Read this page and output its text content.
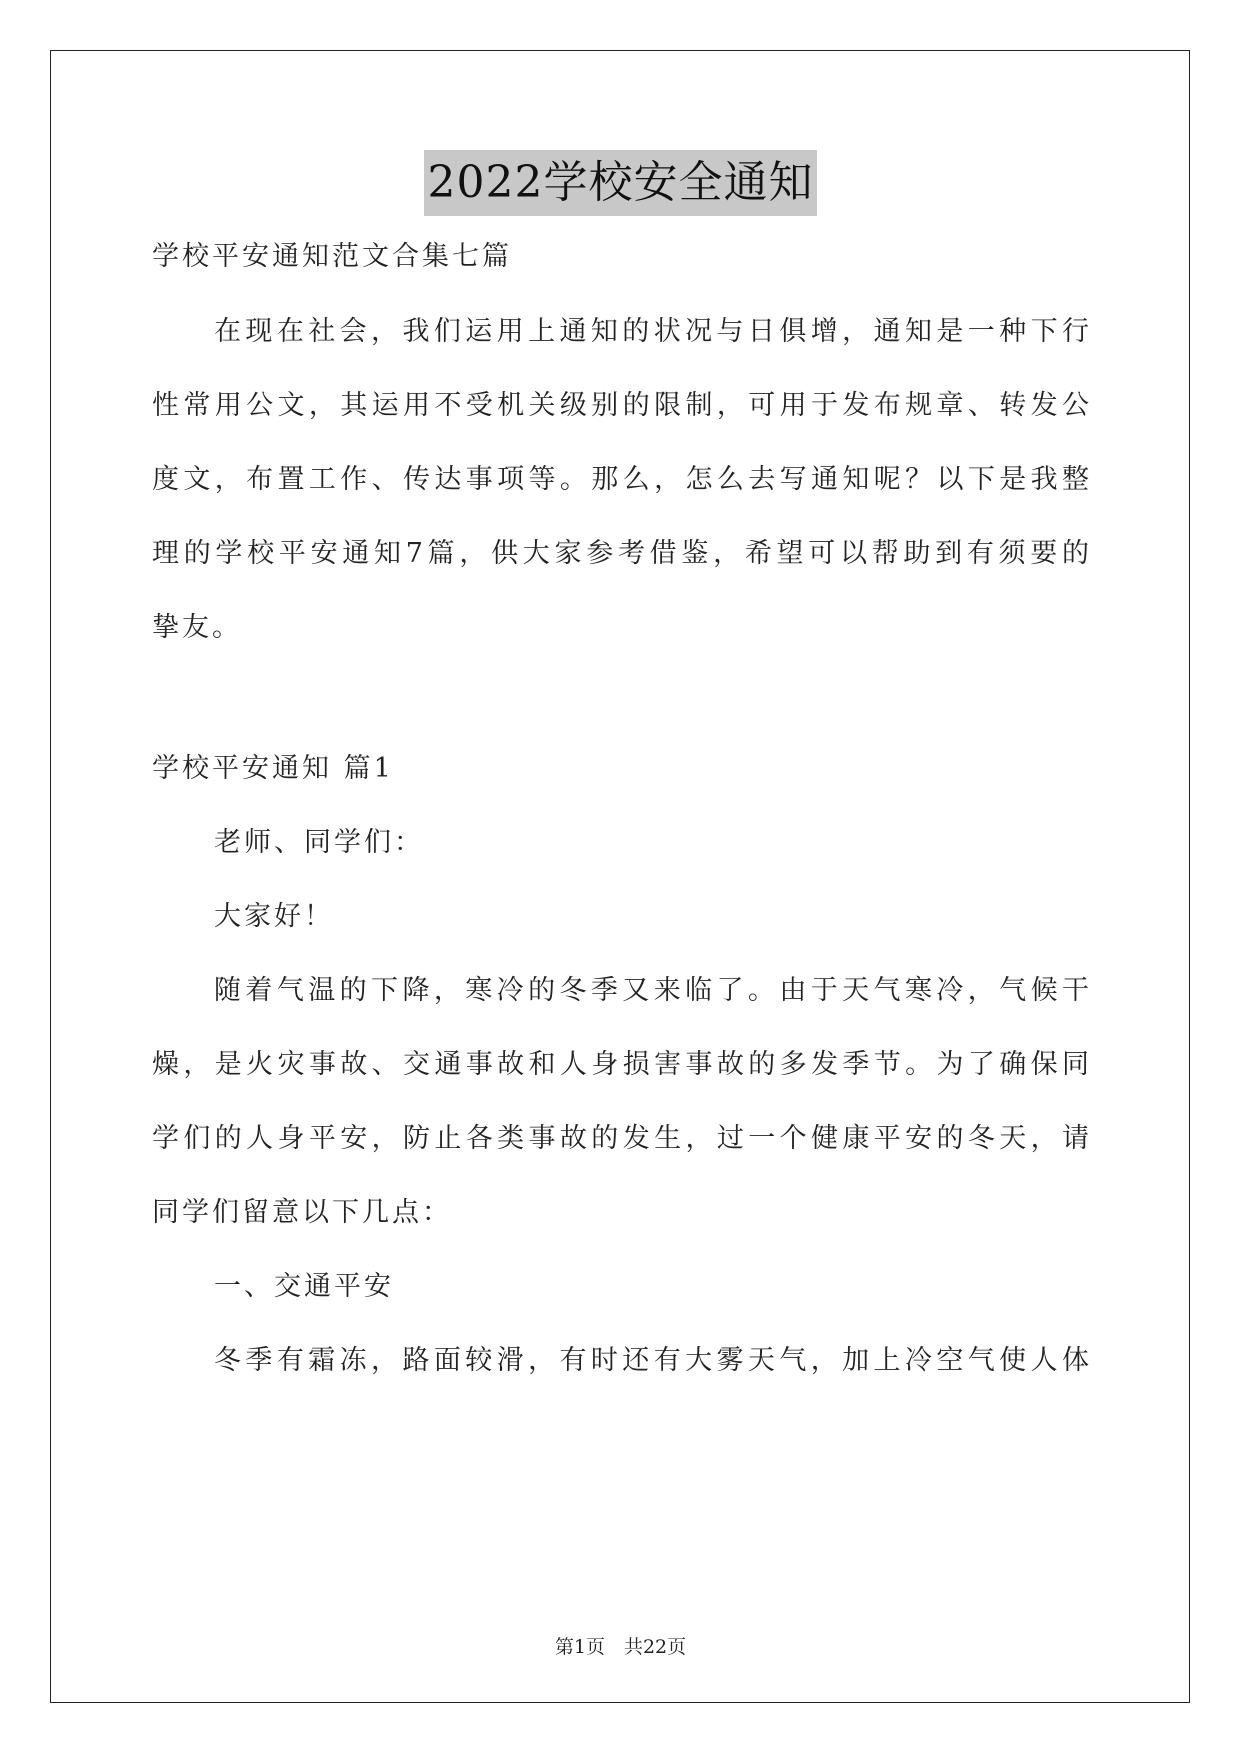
2022学校安全通知
学校平安通知范文合集七篇
在现在社会，我们运用上通知的状况与日俱增，通知是一种下行
性常用公文，其运用不受机关级别的限制，可用于发布规章、转发公
度文，布置工作、传达事项等。那么，怎么去写通知呢？以下是我整
理的学校平安通知7篇，供大家参考借鉴，希望可以帮助到有须要的
挚友。
学校平安通知 篇1
老师、同学们：
大家好！
随着气温的下降，寒冷的冬季又来临了。由于天气寒冷，气候干
燥，是火灾事故、交通事故和人身损害事故的多发季节。为了确保同
学们的人身平安，防止各类事故的发生，过一个健康平安的冬天，请
同学们留意以下几点：
一、交通平安
冬季有霜冻，路面较滑，有时还有大雾天气，加上冷空气使人体
第1页　共22页
